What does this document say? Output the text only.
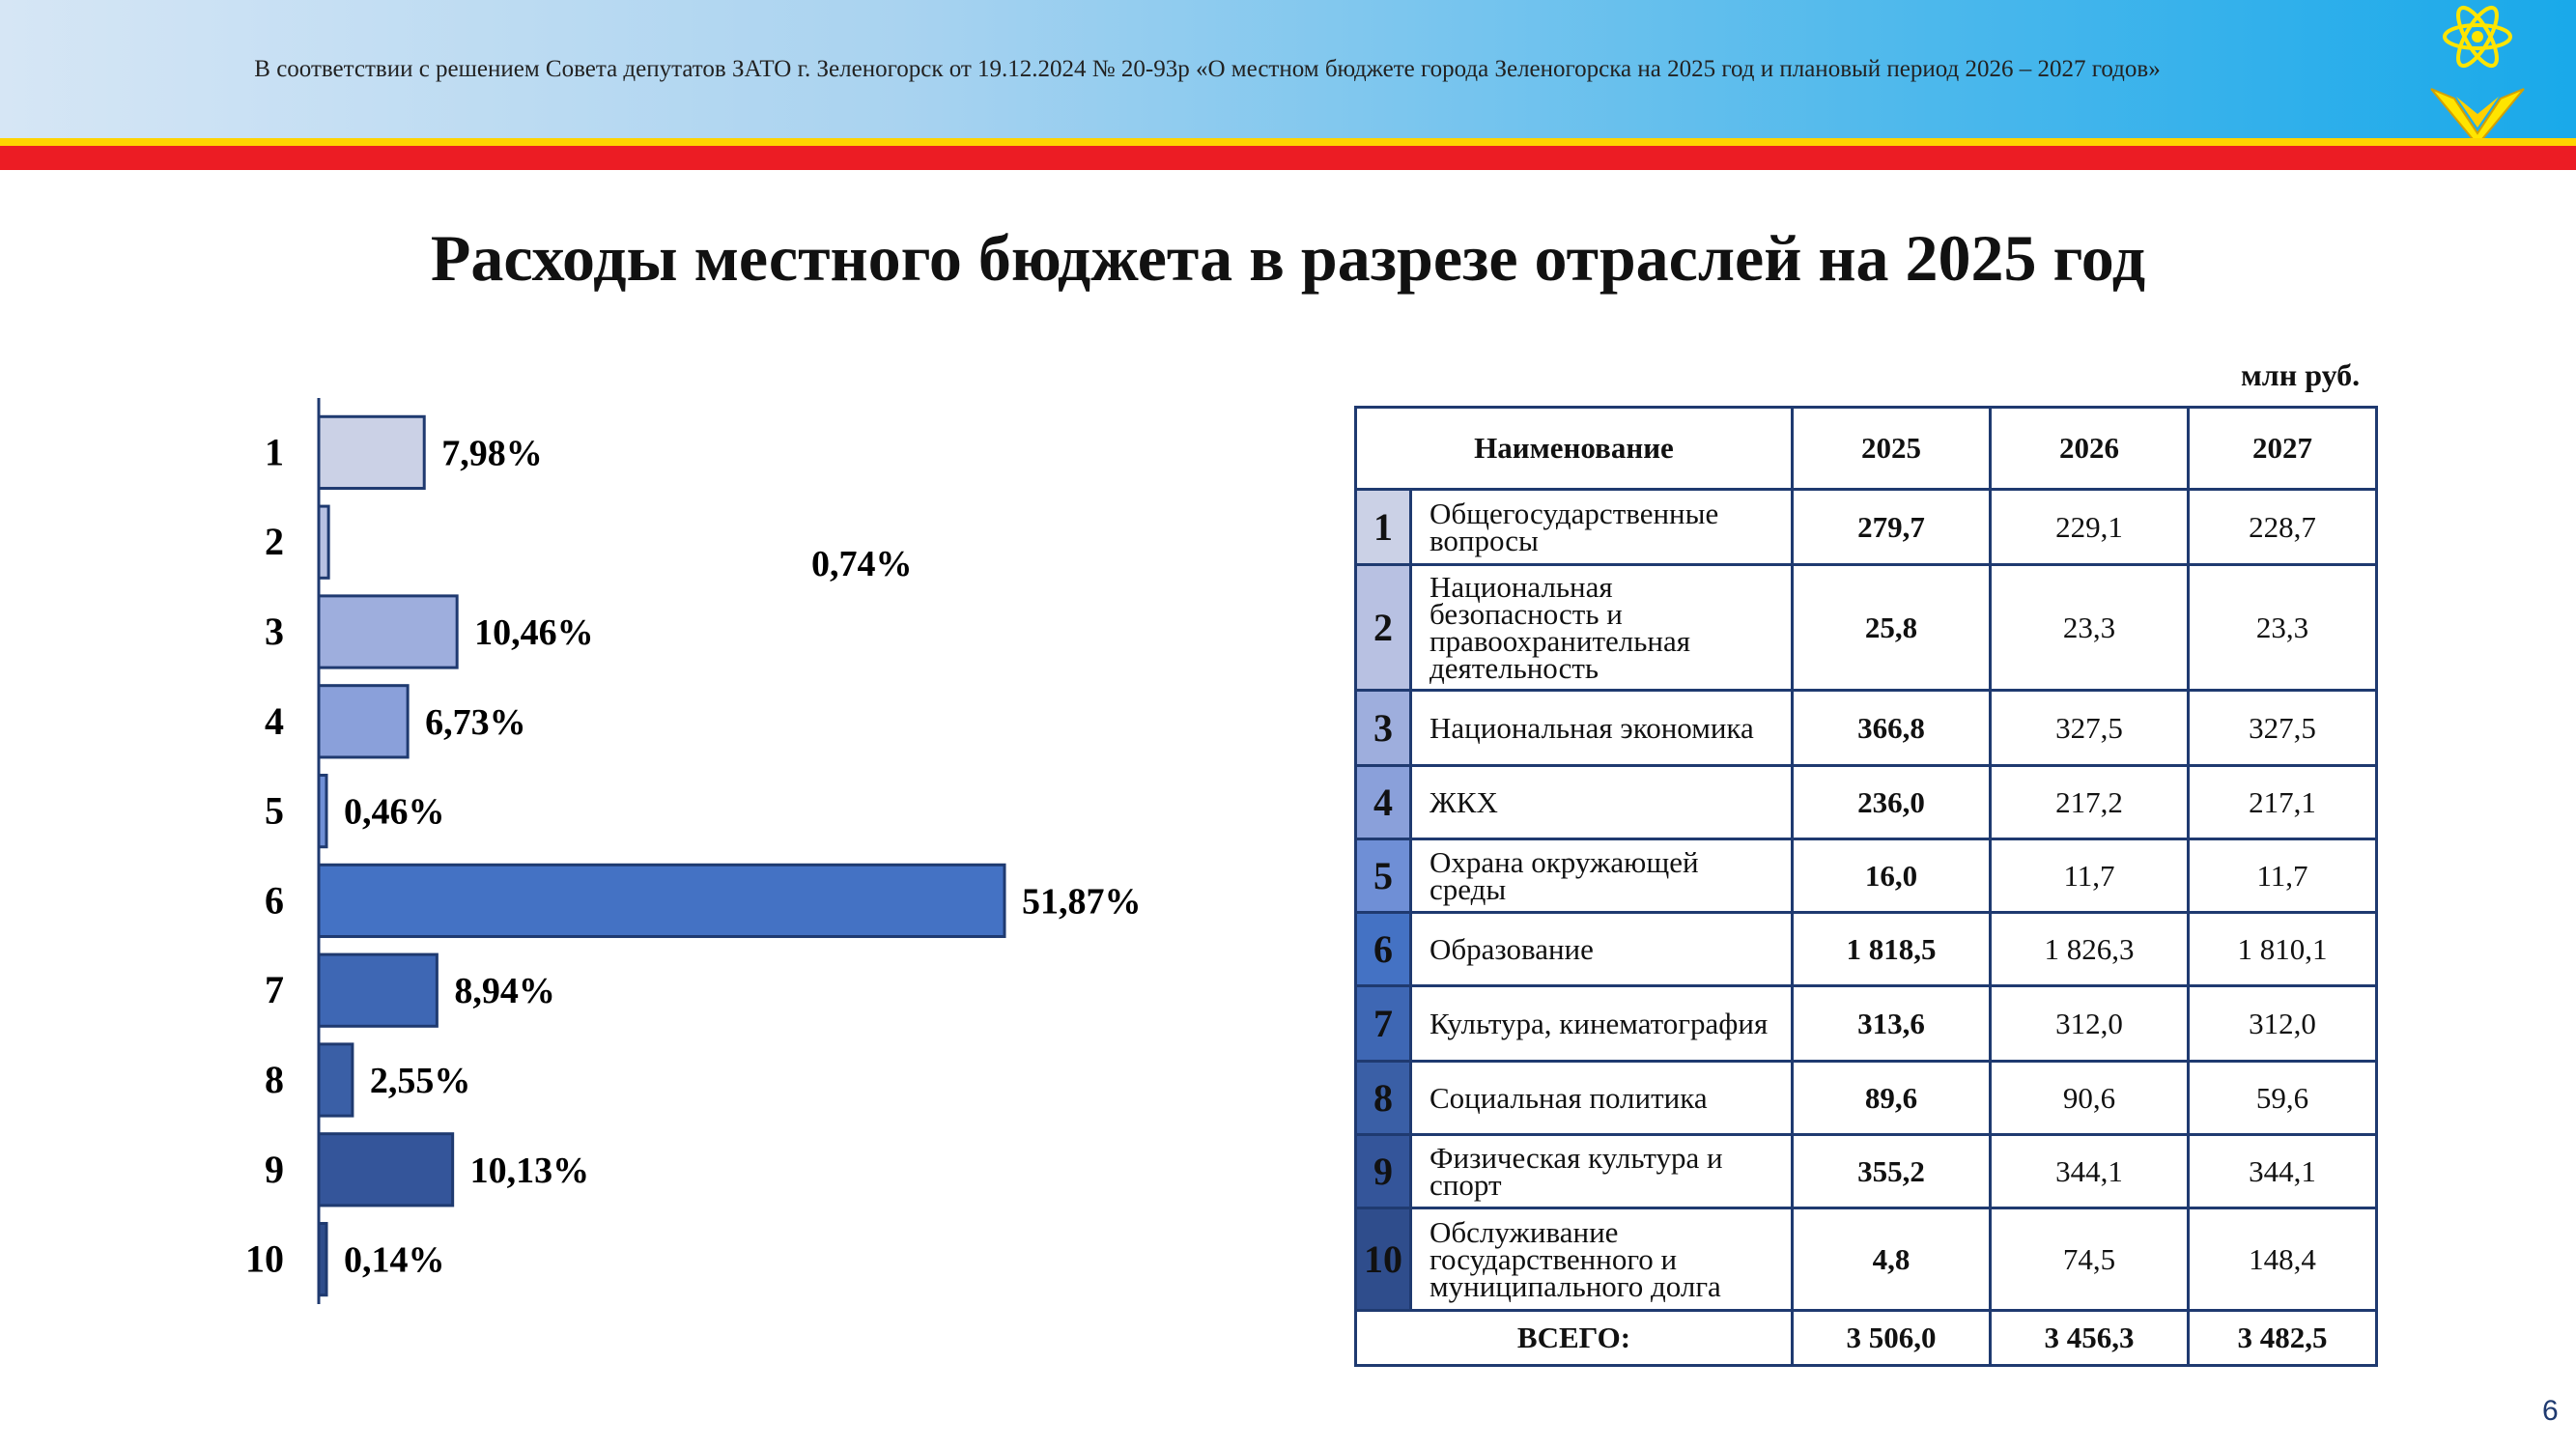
В соответствии с решением Совета депутатов ЗАТО г. Зеленогорск от 19.12.2024 № 20-93р «О местном бюджете города Зеленогорска на 2025 год и плановый период 2026 – 2027 годов»
Расходы местного бюджета в разрезе отраслей на 2025 год
млн руб.
1	7,98%
2
0,74%
3	10,46%
4	6,73%
5 0,46%
6	51,87%
7	8,94%
8 2,55%
9	10,13%
10 0,14%
Наименование		2025	2026	2027
1	Общегосударственные вопросы	279,7	229,1	228,7
2	Национальная безопасность и правоохранительная деятельность	25,8	23,3	23,3
3	Национальная экономика	366,8	327,5	327,5
4	ЖКХ	236,0	217,2	217,1
5	Охрана окружающей среды	16,0	11,7	11,7
6	Образование	1 818,5	1 826,3	1 810,1
7	Культура, кинематография	313,6	312,0	312,0
8	Социальная политика	89,6	90,6	59,6
9	Физическая культура и спорт	355,2	344,1	344,1
10	Обслуживание государственного и муниципального долга	4,8	74,5	148,4
ВСЕГО:		3 506,0	3 456,3	3 482,5
6
